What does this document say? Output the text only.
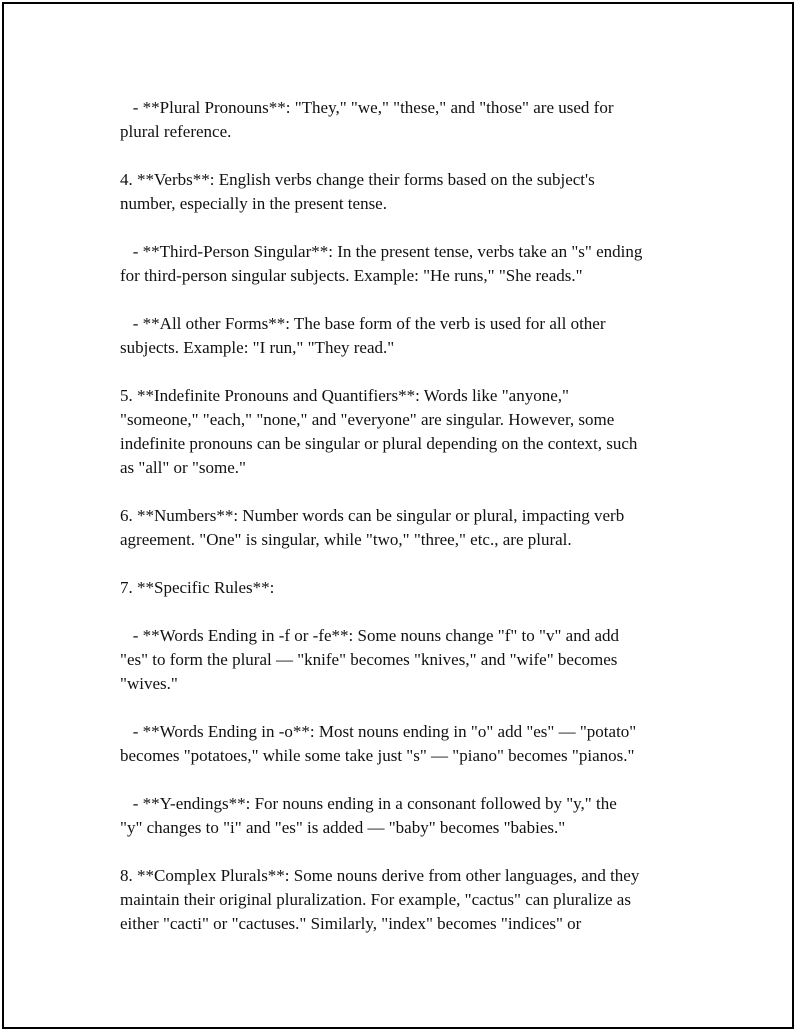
- **Plural Pronouns**: "They," "we," "these," and "those" are used for
plural reference.

4. **Verbs**: English verbs change their forms based on the subject's
number, especially in the present tense.

- **Third-Person Singular**: In the present tense, verbs take an "s" ending
for third-person singular subjects. Example: "He runs," "She reads."

- **All other Forms**: The base form of the verb is used for all other
subjects. Example: "I run," "They read."

5. **Indefinite Pronouns and Quantifiers**: Words like "anyone,"
"someone," "each," "none," and "everyone" are singular. However, some
indefinite pronouns can be singular or plural depending on the context, such
as "all" or "some."

6. **Numbers**: Number words can be singular or plural, impacting verb
agreement. "One" is singular, while "two," "three," etc., are plural.

7. **Specific Rules**:

- **Words Ending in -f or -fe**: Some nouns change "f" to "v" and add
"es" to form the plural — "knife" becomes "knives," and "wife" becomes
"wives."

- **Words Ending in -o**: Most nouns ending in "o" add "es" — "potato"
becomes "potatoes," while some take just "s" — "piano" becomes "pianos."

- **Y-endings**: For nouns ending in a consonant followed by "y," the
"y" changes to "i" and "es" is added — "baby" becomes "babies."

8. **Complex Plurals**: Some nouns derive from other languages, and they
maintain their original pluralization. For example, "cactus" can pluralize as
either "cacti" or "cactuses." Similarly, "index" becomes "indices" or
